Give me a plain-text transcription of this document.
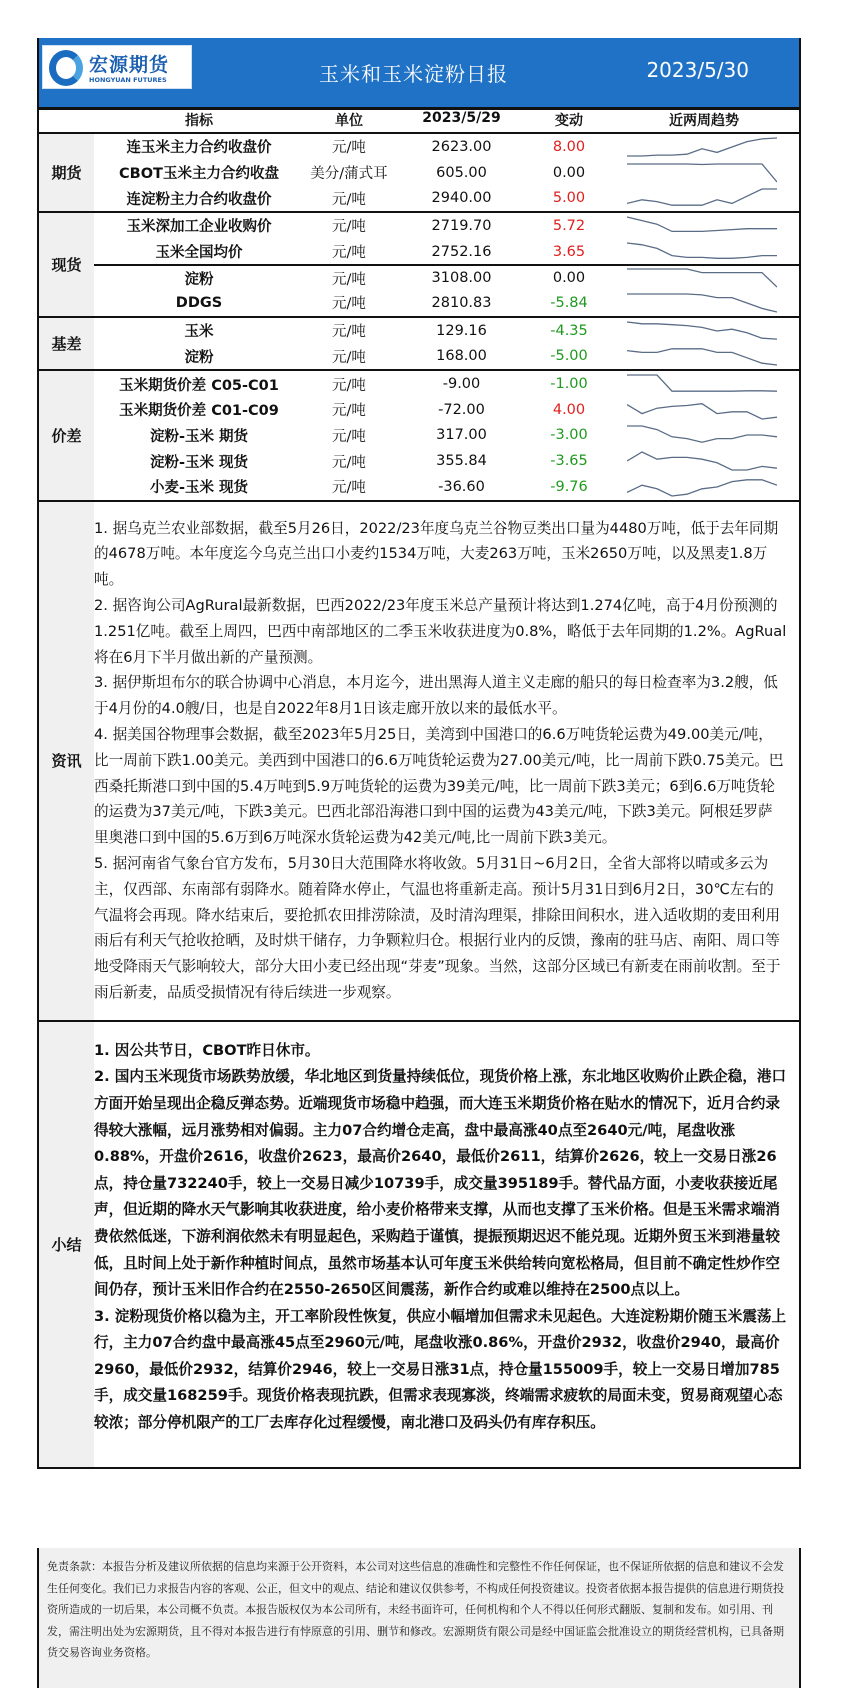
宏源期货
HONGYUAN FUTURES	玉米和玉米淀粉日报	2023/5/30
指标	单位	2023/5/29	变动	近两周趋势
期货
连玉米主力合约收盘价	元/吨	2623.00	8.00
CBOT玉米主力合约收盘	美分/蒲式耳	605.00	0.00
连淀粉主力合约收盘价	元/吨	2940.00	5.00
现货
玉米深加工企业收购价	元/吨	2719.70	5.72
玉米全国均价	元/吨	2752.16	3.65
淀粉	元/吨	3108.00	0.00
DDGS	元/吨	2810.83	-5.84
基差
玉米	元/吨	129.16	-4.35
淀粉	元/吨	168.00	-5.00
价差
玉米期货价差 C05-C01	元/吨	-9.00	-1.00
玉米期货价差 C01-C09	元/吨	-72.00	4.00
淀粉-玉米 期货	元/吨	317.00	-3.00
淀粉-玉米 现货	元/吨	355.84	-3.65
小麦-玉米 现货	元/吨	-36.60	-9.76
资讯

1. 据乌克兰农业部数据，截至5月26日，2022/23年度乌克兰谷物豆类出口量为4480万吨，低于去年同期的4678万吨。本年度迄今乌克兰出口小麦约1534万吨，大麦263万吨，玉米2650万吨，以及黑麦1.8万吨。

2. 据咨询公司AgRural最新数据，巴西2022/23年度玉米总产量预计将达到1.274亿吨，高于4月份预测的1.251亿吨。截至上周四，巴西中南部地区的二季玉米收获进度为0.8%，略低于去年同期的1.2%。AgRual将在6月下半月做出新的产量预测。

3. 据伊斯坦布尔的联合协调中心消息，本月迄今，进出黑海人道主义走廊的船只的每日检查率为3.2艘，低于4月份的4.0艘/日，也是自2022年8月1日该走廊开放以来的最低水平。

4. 据美国谷物理事会数据，截至2023年5月25日，美湾到中国港口的6.6万吨货轮运费为49.00美元/吨，比一周前下跌1.00美元。美西到中国港口的6.6万吨货轮运费为27.00美元/吨，比一周前下跌0.75美元。巴西桑托斯港口到中国的5.4万吨到5.9万吨货轮的运费为39美元/吨，比一周前下跌3美元；6到6.6万吨货轮的运费为37美元/吨，下跌3美元。巴西北部沿海港口到中国的运费为43美元/吨，下跌3美元。阿根廷罗萨里奥港口到中国的5.6万到6万吨深水货轮运费为42美元/吨,比一周前下跌3美元。

5. 据河南省气象台官方发布，5月30日大范围降水将收敛。5月31日~6月2日，全省大部将以晴或多云为主，仅西部、东南部有弱降水。随着降水停止，气温也将重新走高。预计5月31日到6月2日，30℃左右的气温将会再现。降水结束后，要抢抓农田排涝除渍，及时清沟理渠，排除田间积水，进入适收期的麦田利用雨后有利天气抢收抢晒，及时烘干储存，力争颗粒归仓。根据行业内的反馈，豫南的驻马店、南阳、周口等地受降雨天气影响较大，部分大田小麦已经出现“芽麦”现象。当然，这部分区域已有新麦在雨前收割。至于雨后新麦，品质受损情况有待后续进一步观察。

小结

1. 因公共节日，CBOT昨日休市。

2. 国内玉米现货市场跌势放缓，华北地区到货量持续低位，现货价格上涨，东北地区收购价止跌企稳，港口方面开始呈现出企稳反弹态势。近端现货市场稳中趋强，而大连玉米期货价格在贴水的情况下，近月合约录得较大涨幅，远月涨势相对偏弱。主力07合约增仓走高，盘中最高涨40点至2640元/吨，尾盘收涨0.88%，开盘价2616，收盘价2623，最高价2640，最低价2611，结算价2626，较上一交易日涨26点，持仓量732240手，较上一交易日减少10739手，成交量395189手。替代品方面，小麦收获接近尾声，但近期的降水天气影响其收获进度，给小麦价格带来支撑，从而也支撑了玉米价格。但是玉米需求端消费依然低迷，下游利润依然未有明显起色，采购趋于谨慎，提振预期迟迟不能兑现。近期外贸玉米到港量较低，且时间上处于新作种植时间点，虽然市场基本认可年度玉米供给转向宽松格局，但目前不确定性炒作空间仍存，预计玉米旧作合约在2550-2650区间震荡，新作合约或难以维持在2500点以上。

3. 淀粉现货价格以稳为主，开工率阶段性恢复，供应小幅增加但需求未见起色。大连淀粉期价随玉米震荡上行，主力07合约盘中最高涨45点至2960元/吨，尾盘收涨0.86%，开盘价2932，收盘价2940，最高价2960，最低价2932，结算价2946，较上一交易日涨31点，持仓量155009手，较上一交易日增加785手，成交量168259手。现货价格表现抗跌，但需求表现寡淡，终端需求疲软的局面未变，贸易商观望心态较浓；部分停机限产的工厂去库存化过程缓慢，南北港口及码头仍有库存积压。

免责条款：本报告分析及建议所依据的信息均来源于公开资料，本公司对这些信息的准确性和完整性不作任何保证，也不保证所依据的信息和建议不会发生任何变化。我们已力求报告内容的客观、公正，但文中的观点、结论和建议仅供参考，不构成任何投资建议。投资者依据本报告提供的信息进行期货投资所造成的一切后果，本公司概不负责。本报告版权仅为本公司所有，未经书面许可，任何机构和个人不得以任何形式翻版、复制和发布。如引用、刊发，需注明出处为宏源期货，且不得对本报告进行有悖原意的引用、删节和修改。宏源期货有限公司是经中国证监会批准设立的期货经营机构，已具备期货交易咨询业务资格。
